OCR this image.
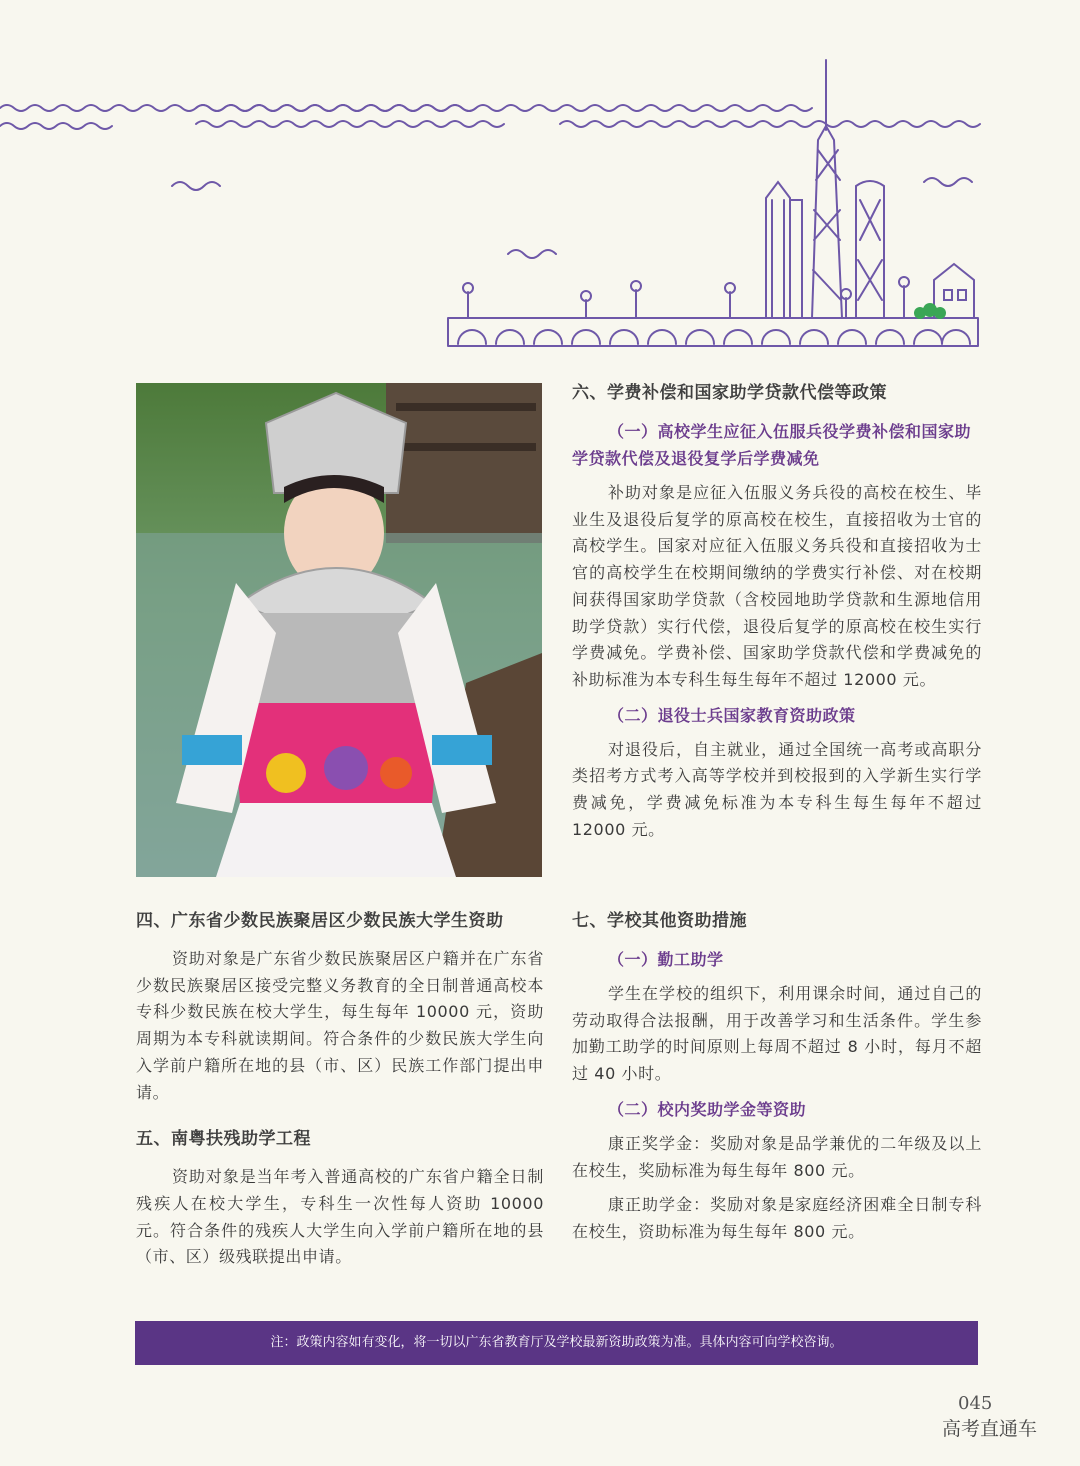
六、学费补偿和国家助学贷款代偿等政策
（一）高校学生应征入伍服兵役学费补偿和国家助学贷款代偿及退役复学后学费减免

补助对象是应征入伍服义务兵役的高校在校生、毕业生及退役后复学的原高校在校生，直接招收为士官的高校学生。国家对应征入伍服义务兵役和直接招收为士官的高校学生在校期间缴纳的学费实行补偿、对在校期间获得国家助学贷款（含校园地助学贷款和生源地信用助学贷款）实行代偿，退役后复学的原高校在校生实行学费减免。学费补偿、国家助学贷款代偿和学费减免的补助标准为本专科生每生每年不超过 12000 元。

（二）退役士兵国家教育资助政策

对退役后，自主就业，通过全国统一高考或高职分类招考方式考入高等学校并到校报到的入学新生实行学费减免，学费减免标准为本专科生每生每年不超过 12000 元。

四、广东省少数民族聚居区少数民族大学生资助

资助对象是广东省少数民族聚居区户籍并在广东省少数民族聚居区接受完整义务教育的全日制普通高校本专科少数民族在校大学生，每生每年 10000 元，资助周期为本专科就读期间。符合条件的少数民族大学生向入学前户籍所在地的县（市、区）民族工作部门提出申请。

五、南粤扶残助学工程

资助对象是当年考入普通高校的广东省户籍全日制残疾人在校大学生，专科生一次性每人资助 10000 元。符合条件的残疾人大学生向入学前户籍所在地的县（市、区）级残联提出申请。

七、学校其他资助措施
（一）勤工助学

学生在学校的组织下，利用课余时间，通过自己的劳动取得合法报酬，用于改善学习和生活条件。学生参加勤工助学的时间原则上每周不超过 8 小时，每月不超过 40 小时。

（二）校内奖助学金等资助

康正奖学金：奖励对象是品学兼优的二年级及以上在校生，奖励标准为每生每年 800 元。

康正助学金：奖励对象是家庭经济困难全日制专科在校生，资助标准为每生每年 800 元。

注：政策内容如有变化，将一切以广东省教育厅及学校最新资助政策为准。具体内容可向学校咨询。
045
高考直通车
